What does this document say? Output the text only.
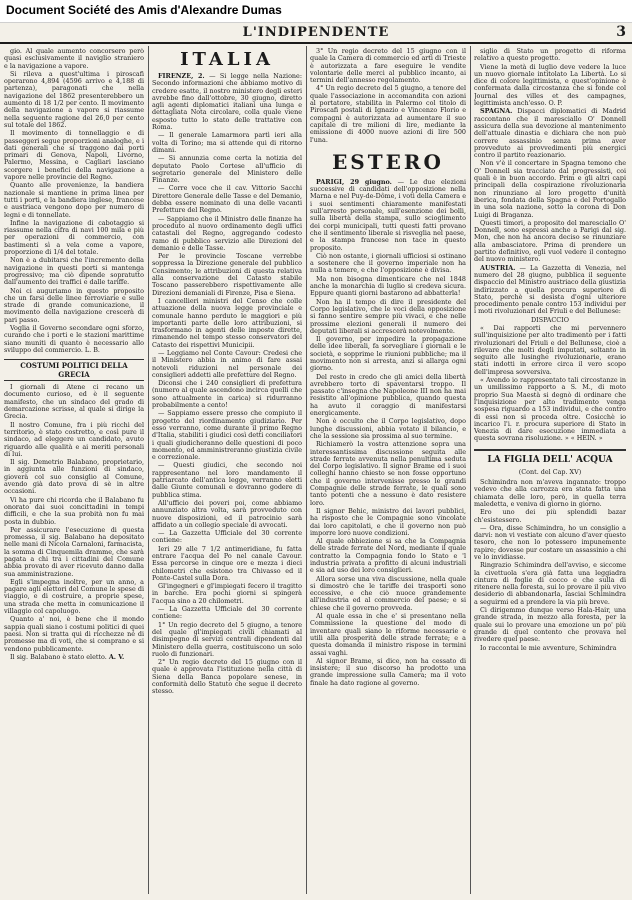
Document Société des Amis d'Alexandre Dumas
L'INDIPENDENTE	3

gio. Al quale aumento concorsero però quasi esclusivamente il naviglio straniero e la navigazione a vapore.

Si rileva a quest'ultima i piroscafi operarono 4,894 (4596 arrivo e 4,188 di partenza), paragonati che nella navigazione del 1862 presenterebbero un aumento di 18 1/2 per cento. Il movimento della navigazione a vapore si riassume nella seguente ragione del 26,0 per cento sul totale del 1862.

Il movimento di tonnellaggio e di passeggeri segue proporzioni analoghe, e i dati generali che si traggono dai porti primari di Genova, Napoli, Livorno, Palermo, Messina, e Cagliari lasciano scorgere i benefici della navigazione a vapore nelle provincie del Regno.

Quanto alle provenienze, la bandiera nazionale si mantiene in prima linea per tutti i porti, e la bandiera inglese, francese e austriaca vengono dopo per numero di legni e di tonnellate.

Infine la navigazione di cabotaggio si riassume nella cifra di navi 100 mila e più per operazioni di commercio, con bastimenti sì a vela come a vapore, proporzione di 1/4 del totale.

Non è a dubitarsi che l'incremento della navigazione in questi porti si mantenga progressivo; ma ciò dipende sopratutto dall'aumento dei traffici e dalle tariffe.

Noi ci auguriamo in questo proposito che un farsi delle linee ferroviarie e sulle strade di grande comunicazione, il movimento della navigazione crescerà di pari passo.

Voglia il Governo secondare ogni sforzo, curando che i porti e le stazioni marittime siano muniti di quanto è necessario allo sviluppo del commercio. L. B.

COSTUMI POLITICI DELLA GRECIA

I giornali di Atene ci recano un documento curioso, ed è il seguente manifesto, che un sindaco del grado di demarcazione scrisse, al quale si dirige la Grecia.

Il nostro Comune, fra i più ricchi del territorio, è stato costretto, e così pure il sindaco, ad eleggere un candidato, avuto riguardo alle qualità e ai meriti personali di lui.

Il sig. Demetrio Balabano, proprietario, in aggiunta alle funzioni di sindaco, gioverà col suo consiglio al Comune, avendo già dato prova di sè in altre occasioni.

Vi ha pure chi ricorda che il Balabano fu onorato dai suoi concittadini in tempi difficili, e che la sua probità non fu mai posta in dubbio.

Per assicurare l'esecuzione di questa promessa, il sig. Balabano ha depositato nelle mani di Nicola Carnaloni, farmacista, la somma di Cinquemila dramme, che sarà pagata a chi tra i cittadini del Comune abbia provato di aver ricevuto danno dalla sua amministrazione.

Egli s'impegna inoltre, per un anno, a pagare agli elettori del Comune le spese di viaggio, e di costruire, a proprie spese, una strada che metta in comunicazione il villaggio col capoluogo.

Quanto a' noi, è bene che il mondo sappia quali siano i costumi politici di quei paesi. Non si tratta qui di ricchezze né di promesse ma di voti, che si comprano e si vendono pubblicamente.

Il sig. Balabano è stato eletto. A. V.

ITALIA

FIRENZE, 2. — Si legge nella Nazione: Secondo informazioni che abbiamo motivo di credere esatte, il nostro ministero degli esteri avrebbe fino dall'ottobre, 30 giugno, diretto agli agenti diplomatici italiani una lunga e dettagliata Nota circolare, colla quale viene esposto tutto lo stato delle trattative con Roma.

— Il generale Lamarmora partì ieri alla volta di Torino; ma si attende qui di ritorno dimani.

— Si annunzia come certa la notizia del deputato Paolo Cortese all'ufficio di segretario generale del Ministero delle Finanze.

— Corre voce che il cav. Vittorio Sacchi Direttore Generale delle Tasse e del Demanio, debba essere nominato di una delle vacanti Prefetture del Regno.

— Sappiamo che il Ministro delle finanze ha proceduto al nuovo ordinamento degli uffici catastali del Regno, aggregando codesto ramo di pubblico servizio alle Direzioni del demanio e delle Tasse.

Per le provincie Toscane verrebbe soppressa la Direzione generale del pubblico Censimento; le attribuzioni di questa relativa alla conservazione del Catasto stabile Toscano passerebbero rispettivamente alle Direzioni demaniali di Firenze, Pisa e Siena.

I cancellieri ministri del Censo che colle attuazione della nuova legge provinciale e comunale hanno perduto le maggiori e più importanti parte delle loro attribuzioni, si trasformano in agenti delle imposte dirette, rimanendo nel tempo stesso conservatori del Catasto dei rispettivi Municipii.

— Leggiamo nel Conte Cavour: Credesi che il Ministero abbia in animo di fare assai notevoli riduzioni nel personale dei consiglieri addetti alle prefetture del Regno.

Diconsi che i 240 consiglieri di prefettura (numero al quale ascendono incirca quelli che sono attualmente in carica) si ridurranno probabilmente a cento!

— Sappiamo essere presso che compiuto il progetto del riordinamento giudiziario. Per esso verranno, come durante il primo Regno d'Italia, stabiliti i giudici così detti conciliatori i quali giudicheranno delle questioni di poco momento, ed amministreranno giustizia civile e correzionale.

— Questi giudici, che secondo noi rappresentano nel loro mandamento il patriarcato dell'antica legge, verranno eletti dalle Giunte comunali e dovranno godere di pubblica stima.

All'ufficio dei poveri poi, come abbiamo annunziato altra volta, sarà provveduto con nuove disposizioni, ed il patrocinio sarà affidato a un collegio speciale di avvocati.

— La Gazzetta Ufficiale del 30 corrente contiene:

Ieri 29 alle 7 1/2 antimeridiane, fu fatta entrare l'acqua del Po nel canale Cavour. Essa percorse in cinque ore e mezza i dieci chilometri che esistono tra Chivasso ed il Ponte-Castel sulla Dora.

Gl'ingegneri e gl'impiegati fecero il tragitto in barche. Era pochi giorni si spingerà l'acqua sino a 20 chilometri.

— La Gazzetta Ufficiale del 30 corrente contiene:

1° Un regio decreto del 5 giugno, a tenore del quale gl'impiegati civili chiamati al disimpegno di servizi centrali dipendenti dal Ministero della guerra, costituiscono un solo ruolo di funzionari.

2° Un regio decreto del 15 giugno con il quale è approvata l'istituzione nella città di Siena della Banca popolare senese, in conformità dello Statuto che segue il decreto stesso.

3° Un regio decreto del 15 giugno con il quale la Camera di commercio ed arti di Trieste è autorizzata a fare eseguire le vendite volontarie delle merci al pubblico incanto, ai termini dell'annesso regolamento.

4° Un regio decreto del 5 giugno, a tenore del quale l'associazione in accomandita con azioni al portatore, stabilita in Palermo col titolo di Piroscafi postali di Ignazio e Vincenzo Florio e compagni è autorizzata ad aumentare il suo capitale di tre milioni di lire, mediante la emissione di 4000 nuove azioni di lire 500 l'una.

ESTERO

PARIGI, 29 giugno. — Le due elezioni successive di candidati dell'opposizione nella Marna e nel Puy-de-Dôme, i voti della Camera e i suoi sentimenti chiaramente manifestati sull'arresto personale, sull'esenzione dei bolli, sulla libertà della stampa, sullo scioglimento dei corpi municipali, tutti questi fatti provano che il sentimento liberale si risveglia nel paese, e la stampa francese non tace in questo proposito.

Ciò non ostante, i giornali ufficiosi si ostinano a sostenere che il governo imperiale non ha nulla a temere, e che l'opposizione è divisa.

Ma non bisogna dimenticare che nel 1848 anche la monarchia di luglio si credeva sicura. Eppure quanti giorni bastarono ad abbatterla!

Non ha il tempo di dire il presidente del Corpo legislativo, che le voci della opposizione si fanno sentire sempre più vivaci, e che nelle prossime elezioni generali il numero dei deputati liberali si accrescerà notevolmente.

Il governo, per impedire la propagazione delle idee liberali, fa sorvegliare i giornali e le società, e sopprime le riunioni pubbliche; ma il movimento non si arresta, anzi si allarga ogni giorno.

Del resto in credo che gli amici della libertà avrebbero torto di spaventarsi troppo. Il passato c'insegna che Napoleone III non ha mai resistito all'opinione pubblica, quando questa ha avuto il coraggio di manifestarsi energicamente.

Non è occulto che il Corpo legislativo, dopo lunghe discussioni, abbia votato il bilancio, e che la sessione sia prossima al suo termine.

Richiamerò la vostra attenzione sopra una interessantissima discussione seguita alle strade ferrate avvenuta nella penultima seduta del Corpo legislativo. Il signor Brame ed i suoi colleghi hanno chiesto se non fosse opportuno che il governo intervenisse presso le grandi Compagnie delle strade ferrate, le quali sono tanto potenti che a nessuno è dato resistere loro.

Il signor Behic, ministro dei lavori pubblici, ha risposto che le Compagnie sono vincolate dai loro capitolati, e che il governo non può imporre loro nuove condizioni.

Al quale obbiezione si sa che la Compagnia delle strade ferrate del Nord, mediante il quale contratto la Compagnia fondo lo Stato e 'l industria privata a profitto di alcuni industriali e sia ad uso dei loro consiglieri.

Allora sorse una viva discussione, nella quale si dimostrò che le tariffe dei trasporti sono eccessive, e che ciò nuoce grandemente all'industria ed al commercio del paese; e si chiese che il governo provveda.

Al quale essa in che e' si presentano nella Commissione la questione del modo di inventare quali siano le riforme necessarie e utili alla prosperità delle strade ferrate; e a questa domanda il ministro rispose in termini assai vaghi.

Al signor Brame, si dice, non ha cessato di insistere; il suo discorso ha prodotto una grande impressione sulla Camera; ma il voto finale ha dato ragione al governo.

siglio di Stato un progetto di riforma relativo a questo progetto.

Viene la metà di luglio deve vedere la luce un nuovo giornale intitolato La Libertà. Lo si dice di colore legittimista, e quest'opinione è confermata dalla circostanza che si fonde col Journal des villes et des campagnes, legittimista anch'esso. O. P.

SPAGNA. Dispacci diplomatici di Madrid raccontano che il maresciallo O' Donnell assicura della sua devozione al mantenimento dell'attuale dinastia e dichiara che non può correre assassinio senza prima aver provveduto ai provvedimenti più energici contro il partito reazionario.

Non v'è il concertare in Spagna temono che O' Donnell sia tracciato dal progressisti, coi quali è in buon accordo. Prim e gli altri capi principali della cospirazione rivoluzionaria non rinunziano al loro progetto d'unità iberica, fondata della Spagna e del Portogallo in una sola nazione, sotto la corona di Don Luigi di Braganza.

Questi timori, a proposito del maresciallo O' Donnell, sono espressi anche a Parigi dal sig. Mon, che non ha ancora deciso se rinunziare alla ambasciatore. Prima di prendere un partito definitivo, egli vuol vedere il contegno del nuovo ministero.

AUSTRIA. — La Gazzetta di Venezia, nel numero del 28 giugno, pubblica il seguente dispaccio del Ministro austriaco della giustizia indirizzato a quella procura superiore di Stato, perchè si desista d'ogni ulteriore procedimento penale contro 153 individui per i moti rivoluzionari del Friuli e del Bellunese:

DISPACCIO

« Dai rapporti che mi pervennero sull'inquisizione per alto tradimento per i fatti rivoluzionari del Friuli e del Bellunese, cioè a rilevare che molti degli imputati, soltanto in seguito alle lusinghe rivoluzionarie, erano stati indotti in errore circa il vero scopo dell'impresa sovversiva.

« Avendo io rappresentato tali circostanze in un umilissimo rapporto a S. M., di moto proprio Sua Maestà si degnò di ordinare che l'inquisizione per alto tradimento venga sospesa riguardo a 153 individui, e che contro di essi non si proceda oltre. Cosicchè io incarico l'i. r. procura superiore di Stato in Venezia di dare esecuzione immediata a questa sovrana risoluzione. » « HEIN. »

LA FIGLIA DELL' ACQUA
(Cont. del Cap. XV)

Schimindra non m'aveva ingannato: troppo vedevo che alla carrozza era stata fatta una chiamata delle loro, però, in quella terra maledetta, e veniva di giorno in giorno.

Ero uno dei più splendidi bazar ch'esistessero.

— Ora, disse Schimindra, ho un consiglio a darvi: non vi vestiate con alcuno d'aver questo tesoro, che non lo potessero impunemente rapire; dovesse pur costare un assassinio a chi ve lo invidiasse.

Ringrazio Schimindra dell'avviso, e siccome la civettuola s'era già fatta una leggiadra cintura di foglie di cocco e che sulla di ritenere nella foresta, sui lo provare il più vivo desiderio di abbandonarla, lasciai Schimindra a seguirmi ed a prendere la via più breve.

Ci dirigemmo dunque verso Hala-Hair, una grande strada, in mezzo alla foresta, per la quale sui lo provare una emozione un po' più grande di quel contento che provava nel rivedere quel paese.

Io raccontai le mie avventure, Schimindra
